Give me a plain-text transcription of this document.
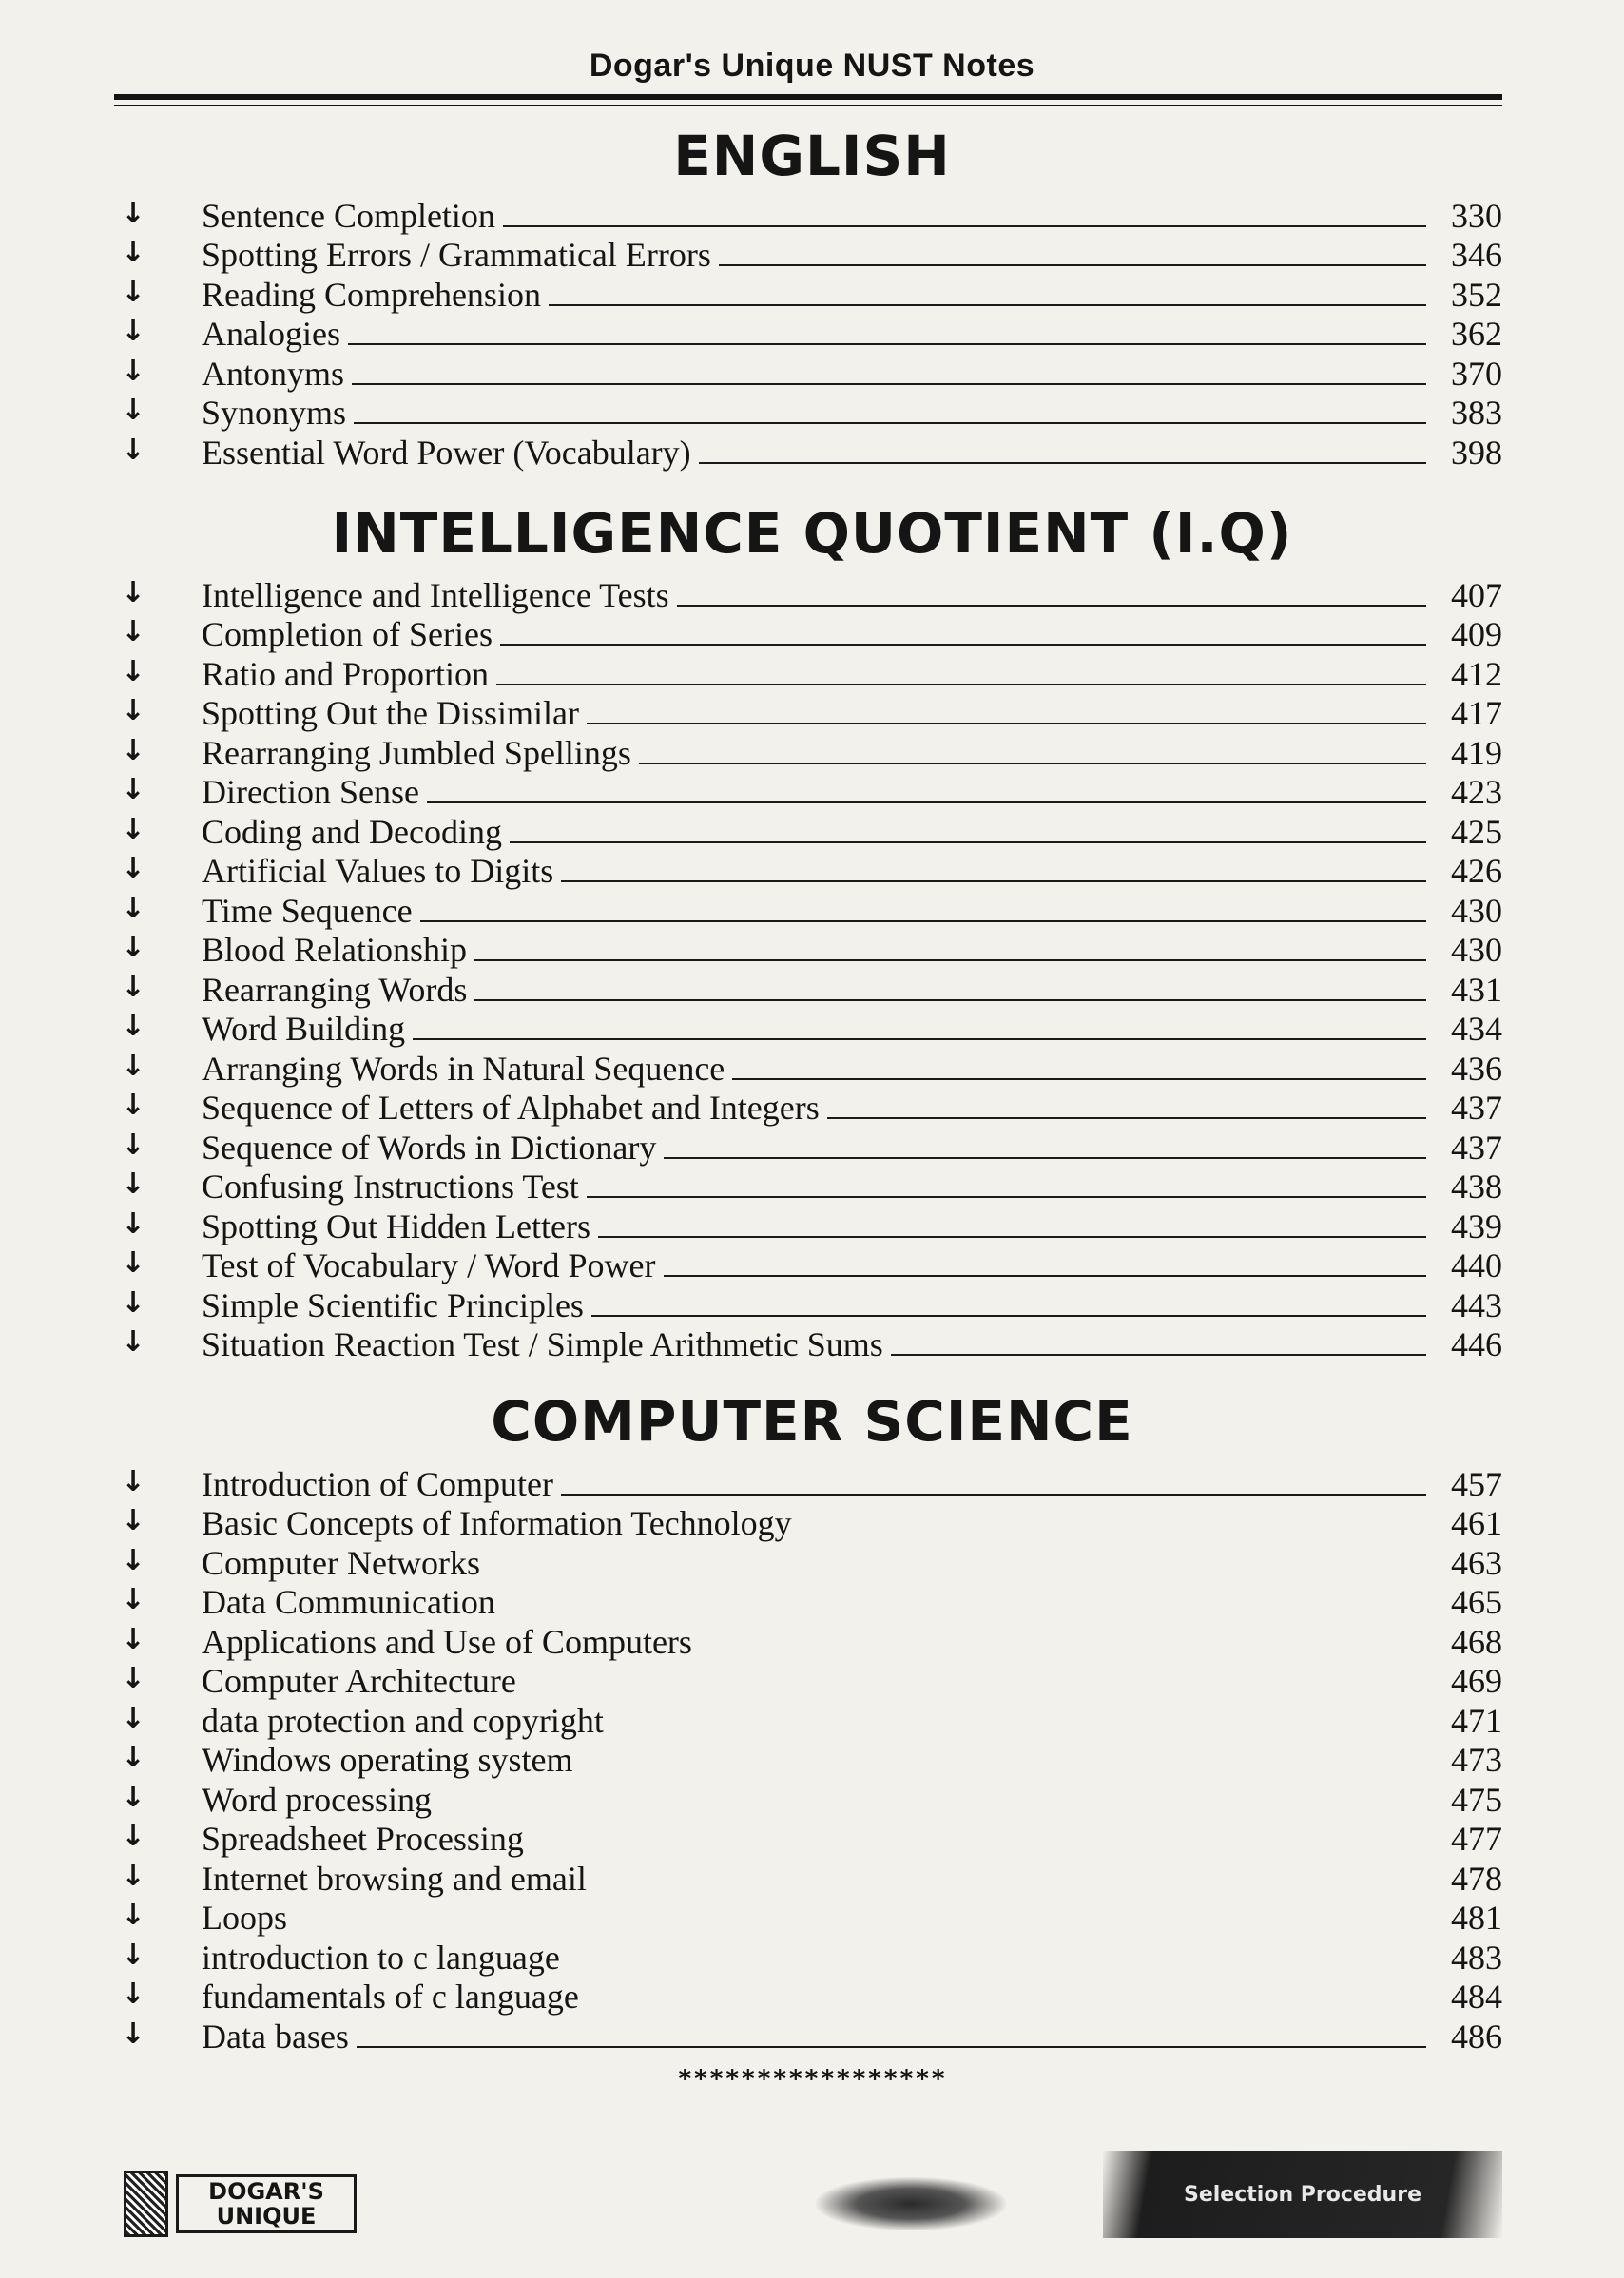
Dogar's Unique NUST Notes
ENGLISH
↓ Sentence Completion	330
↓ Spotting Errors / Grammatical Errors	346
↓ Reading Comprehension	352
↓ Analogies	362
↓ Antonyms	370
↓ Synonyms	383
↓ Essential Word Power (Vocabulary)	398
INTELLIGENCE QUOTIENT (I.Q)
↓ Intelligence and Intelligence Tests	407
↓ Completion of Series	409
↓ Ratio and Proportion	412
↓ Spotting Out the Dissimilar	417
↓ Rearranging Jumbled Spellings	419
↓ Direction Sense	423
↓ Coding and Decoding	425
↓ Artificial Values to Digits	426
↓ Time Sequence	430
↓ Blood Relationship	430
↓ Rearranging Words	431
↓ Word Building	434
↓ Arranging Words in Natural Sequence	436
↓ Sequence of Letters of Alphabet and Integers	437
↓ Sequence of Words in Dictionary	437
↓ Confusing Instructions Test	438
↓ Spotting Out Hidden Letters	439
↓ Test of Vocabulary / Word Power	440
↓ Simple Scientific Principles	443
↓ Situation Reaction Test / Simple Arithmetic Sums	446
COMPUTER SCIENCE
↓ Introduction of Computer	457
↓ Basic Concepts of Information Technology	461
↓ Computer Networks	463
↓ Data Communication	465
↓ Applications and Use of Computers	468
↓ Computer Architecture	469
↓ data protection and copyright	471
↓ Windows operating system	473
↓ Word processing	475
↓ Spreadsheet Processing	477
↓ Internet browsing and email	478
↓ Loops	481
↓ introduction to c language	483
↓ fundamentals of c language	484
↓ Data bases	486
*****************
DOGAR'S UNIQUE
Selection Procedure
